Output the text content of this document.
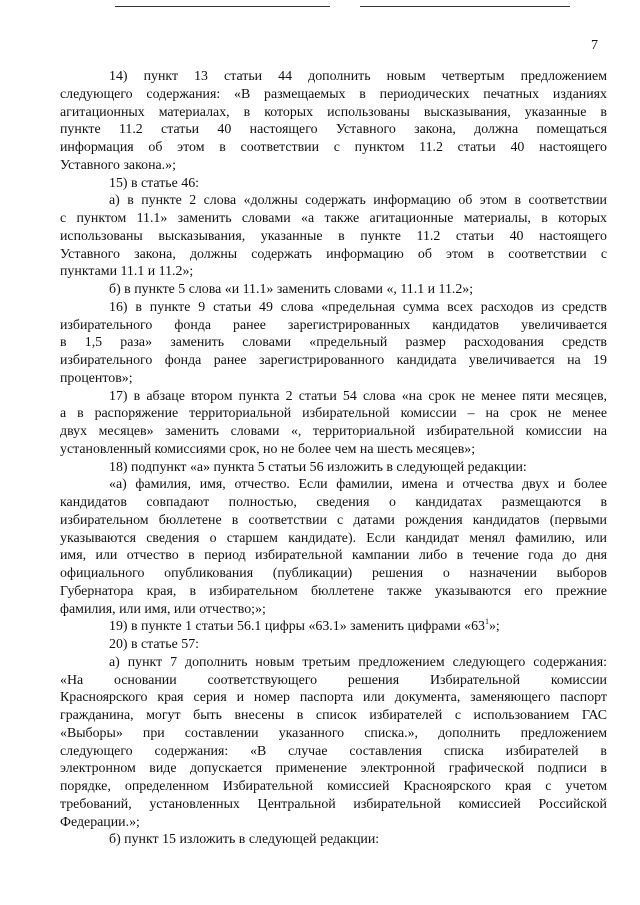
7
14) пункт 13 статьи 44 дополнить новым четвертым предложением
следующего содержания: «В размещаемых в периодических печатных изданиях
агитационных материалах, в которых использованы высказывания, указанные в
пункте 11.2 статьи 40 настоящего Уставного закона, должна помещаться
информация об этом в соответствии с пунктом 11.2 статьи 40 настоящего
Уставного закона.»;
15) в статье 46:
а) в пункте 2 слова «должны содержать информацию об этом в соответствии
с пунктом 11.1» заменить словами «а также агитационные материалы, в которых
использованы высказывания, указанные в пункте 11.2 статьи 40 настоящего
Уставного закона, должны содержать информацию об этом в соответствии с
пунктами 11.1 и 11.2»;
б) в пункте 5 слова «и 11.1» заменить словами «, 11.1 и 11.2»;
16) в пункте 9 статьи 49 слова «предельная сумма всех расходов из средств
избирательного фонда ранее зарегистрированных кандидатов увеличивается
в 1,5 раза» заменить словами «предельный размер расходования средств
избирательного фонда ранее зарегистрированного кандидата увеличивается на 19
процентов»;
17) в абзаце втором пункта 2 статьи 54 слова «на срок не менее пяти месяцев,
а в распоряжение территориальной избирательной комиссии – на срок не менее
двух месяцев» заменить словами «, территориальной избирательной комиссии на
установленный комиссиями срок, но не более чем на шесть месяцев»;
18) подпункт «а» пункта 5 статьи 56 изложить в следующей редакции:
«а) фамилия, имя, отчество. Если фамилии, имена и отчества двух и более
кандидатов совпадают полностью, сведения о кандидатах размещаются в
избирательном бюллетене в соответствии с датами рождения кандидатов (первыми
указываются сведения о старшем кандидате). Если кандидат менял фамилию, или
имя, или отчество в период избирательной кампании либо в течение года до дня
официального опубликования (публикации) решения о назначении выборов
Губернатора края, в избирательном бюллетене также указываются его прежние
фамилия, или имя, или отчество;»;
19) в пункте 1 статьи 56.1 цифры «63.1» заменить цифрами «$63^1$»;
20) в статье 57:
а) пункт 7 дополнить новым третьим предложением следующего содержания:
«На основании соответствующего решения Избирательной комиссии
Красноярского края серия и номер паспорта или документа, заменяющего паспорт
гражданина, могут быть внесены в список избирателей с использованием ГАС
«Выборы» при составлении указанного списка.», дополнить предложением
следующего содержания: «В случае составления списка избирателей в
электронном виде допускается применение электронной графической подписи в
порядке, определенном Избирательной комиссией Красноярского края с учетом
требований, установленных Центральной избирательной комиссией Российской
Федерации.»;
б) пункт 15 изложить в следующей редакции:
